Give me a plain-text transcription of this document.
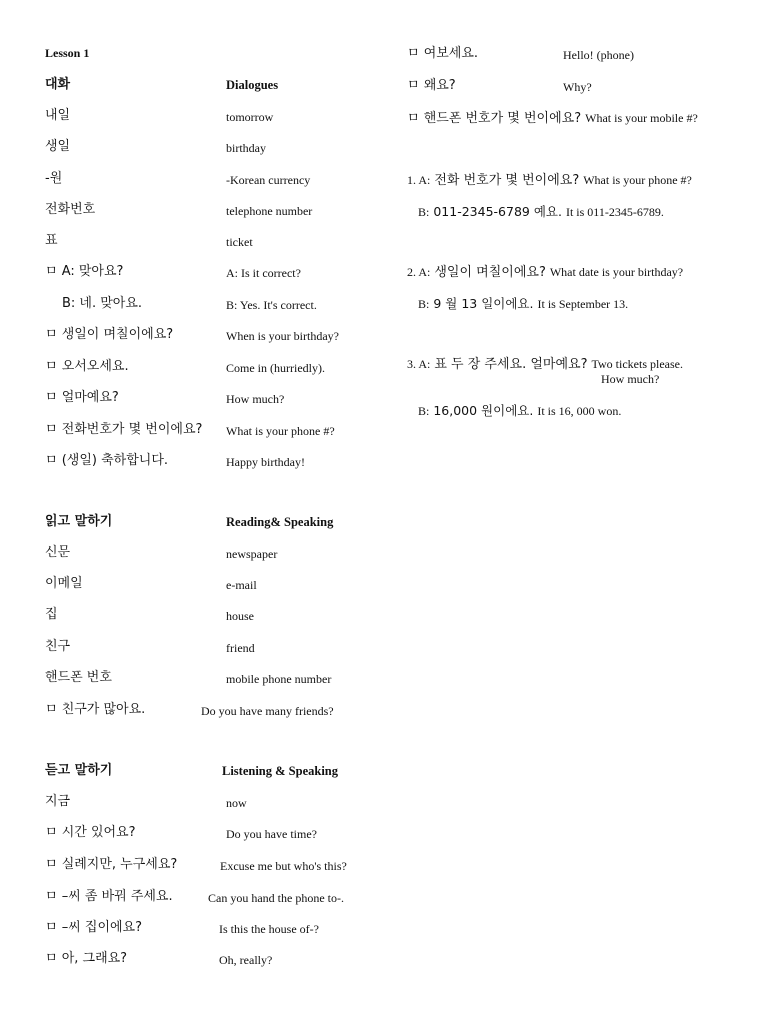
Lesson 1
대화	Dialogues
내일	tomorrow
생일	birthday
-원	-Korean currency
전화번호	telephone number
표	ticket
ㅁ A: 맞아요?	A: Is it correct?
B: 네. 맞아요.	B: Yes. It's correct.
ㅁ 생일이 며칠이에요?	When is your birthday?
ㅁ 오서오세요.	Come in (hurriedly).
ㅁ 얼마예요?	How much?
ㅁ 전화번호가 몇 번이에요? What is your phone #?
ㅁ (생일) 축하합니다.	Happy birthday!
읽고 말하기	Reading& Speaking
신문	newspaper
이메일	e-mail
집	house
친구	friend
핸드폰 번호	mobile phone number
ㅁ 친구가 많아요.	Do you have many friends?
듣고 말하기	Listening & Speaking
지금	now
ㅁ 시간 있어요?	Do you have time?
ㅁ 실례지만, 누구세요?	Excuse me but who's this?
ㅁ –씨 좀 바꿔 주세요.	Can you hand the phone to-.
ㅁ –씨 집이에요?	Is this the house of-?
ㅁ 아, 그래요?	Oh, really?
ㅁ 여보세요.	Hello! (phone)
ㅁ 왜요?	Why?
ㅁ 핸드폰 번호가 몇 번이에요? What is your mobile #?
1. A: 전화 번호가 몇 번이에요? What is your phone #?
B: 011-2345-6789 예요. It is 011-2345-6789.
2. A: 생일이 며칠이에요? What date is your birthday?
B: 9 월 13 일이에요. It is September 13.
3. A: 표 두 장 주세요. 얼마예요? Two tickets please.
How much?
B: 16,000 원이에요. It is 16, 000 won.
